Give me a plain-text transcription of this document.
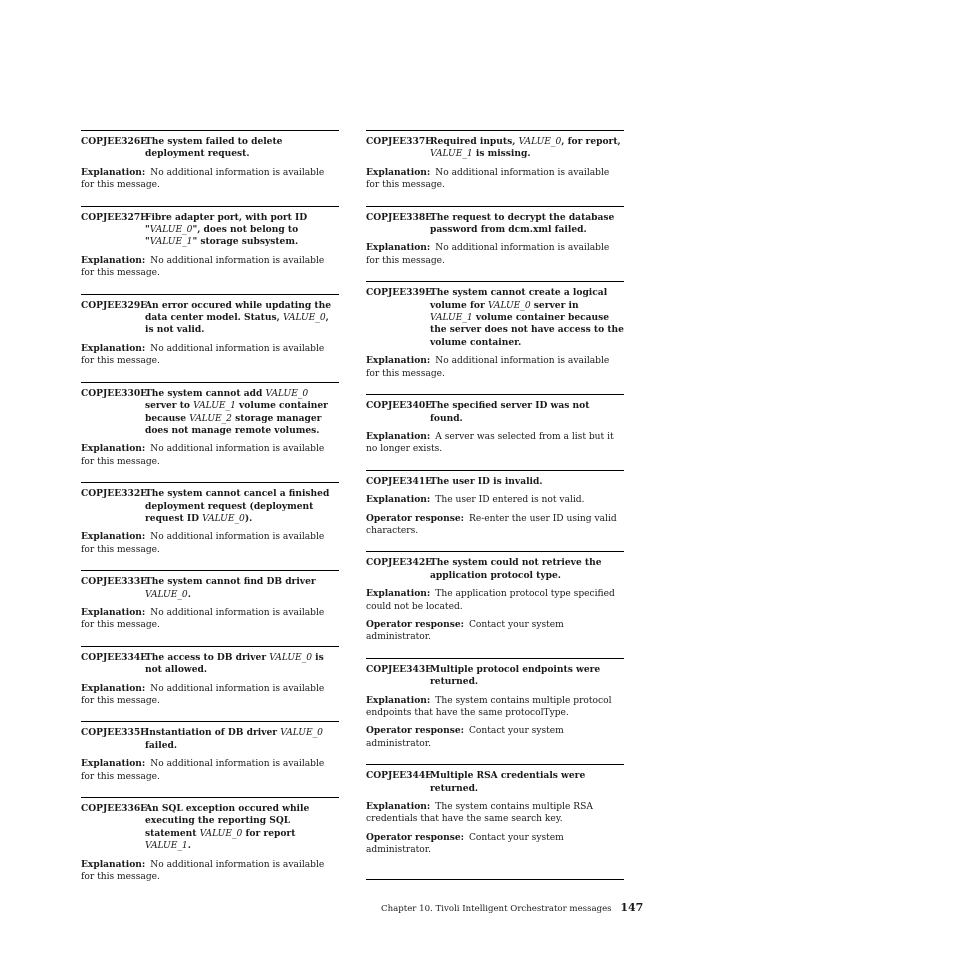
COPJEE326E
The system failed to delete deployment request.
Explanation: No additional information is available for this message.
COPJEE327E
Fibre adapter port, with port ID "VALUE_0", does not belong to "VALUE_1" storage subsystem.
Explanation: No additional information is available for this message.
COPJEE329E
An error occured while updating the data center model. Status, VALUE_0, is not valid.
Explanation: No additional information is available for this message.
COPJEE330E
The system cannot add VALUE_0 server to VALUE_1 volume container because VALUE_2 storage manager does not manage remote volumes.
Explanation: No additional information is available for this message.
COPJEE332E
The system cannot cancel a finished deployment request (deployment request ID VALUE_0).
Explanation: No additional information is available for this message.
COPJEE333E
The system cannot find DB driver VALUE_0.
Explanation: No additional information is available for this message.
COPJEE334E
The access to DB driver VALUE_0 is not allowed.
Explanation: No additional information is available for this message.
COPJEE335E
Instantiation of DB driver VALUE_0 failed.
Explanation: No additional information is available for this message.
COPJEE336E
An SQL exception occured while executing the reporting SQL statement VALUE_0 for report VALUE_1.
Explanation: No additional information is available for this message.
COPJEE337E
Required inputs, VALUE_0, for report, VALUE_1 is missing.
Explanation: No additional information is available for this message.
COPJEE338E
The request to decrypt the database password from dcm.xml failed.
Explanation: No additional information is available for this message.
COPJEE339E
The system cannot create a logical volume for VALUE_0 server in VALUE_1 volume container because the server does not have access to the volume container.
Explanation: No additional information is available for this message.
COPJEE340E
The specified server ID was not found.
Explanation: A server was selected from a list but it no longer exists.
COPJEE341E
The user ID is invalid.
Explanation: The user ID entered is not valid.
Operator response: Re-enter the user ID using valid characters.
COPJEE342E
The system could not retrieve the application protocol type.
Explanation: The application protocol type specified could not be located.
Operator response: Contact your system administrator.
COPJEE343E
Multiple protocol endpoints were returned.
Explanation: The system contains multiple protocol endpoints that have the same protocolType.
Operator response: Contact your system administrator.
COPJEE344E
Multiple RSA credentials were returned.
Explanation: The system contains multiple RSA credentials that have the same search key.
Operator response: Contact your system administrator.
Chapter 10. Tivoli Intelligent Orchestrator messages 147
